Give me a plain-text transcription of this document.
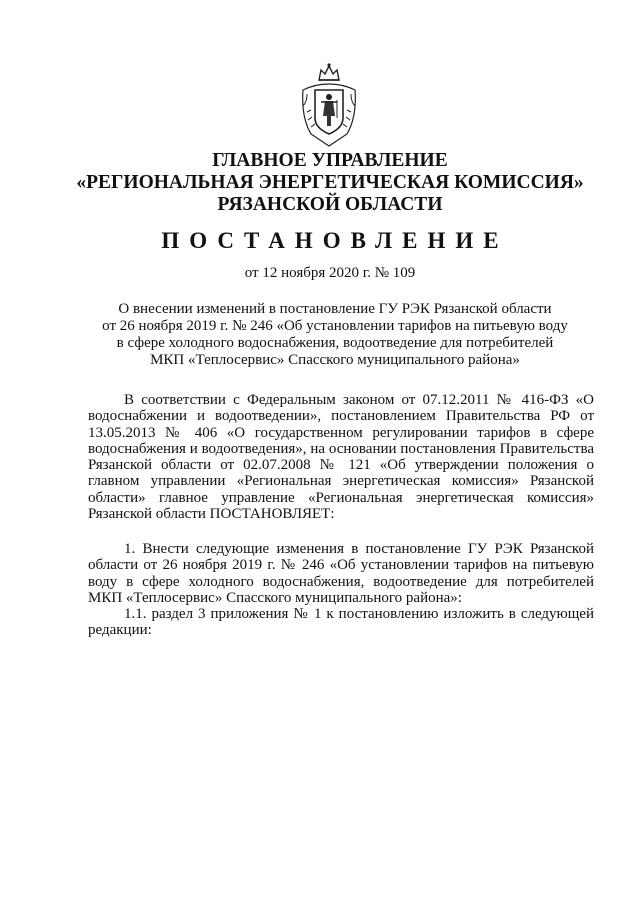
ГЛАВНОЕ УПРАВЛЕНИЕ
«РЕГИОНАЛЬНАЯ ЭНЕРГЕТИЧЕСКАЯ КОМИССИЯ»
РЯЗАНСКОЙ ОБЛАСТИ
ПОСТАНОВЛЕНИЕ

от 12 ноября 2020 г. № 109

О внесении изменений в постановление ГУ РЭК Рязанской области
от 26 ноября 2019 г. № 246 «Об установлении тарифов на питьевую воду
в сфере холодного водоснабжения, водоотведение для потребителей
МКП «Теплосервис» Спасского муниципального района»

В соответствии с Федеральным законом от 07.12.2011 № 416-ФЗ «О водоснабжении и водоотведении», постановлением Правительства РФ от 13.05.2013 № 406 «О государственном регулировании тарифов в сфере водоснабжения и водоотведения», на основании постановления Правительства Рязанской области от 02.07.2008 № 121 «Об утверждении положения о главном управлении «Региональная энергетическая комиссия» Рязанской области» главное управление «Региональная энергетическая комиссия» Рязанской области ПОСТАНОВЛЯЕТ:

1. Внести следующие изменения в постановление ГУ РЭК Рязанской области от 26 ноября 2019 г. № 246 «Об установлении тарифов на питьевую воду в сфере холодного водоснабжения, водоотведение для потребителей МКП «Теплосервис» Спасского муниципального района»:

1.1. раздел 3 приложения № 1 к постановлению изложить в следующей редакции:
